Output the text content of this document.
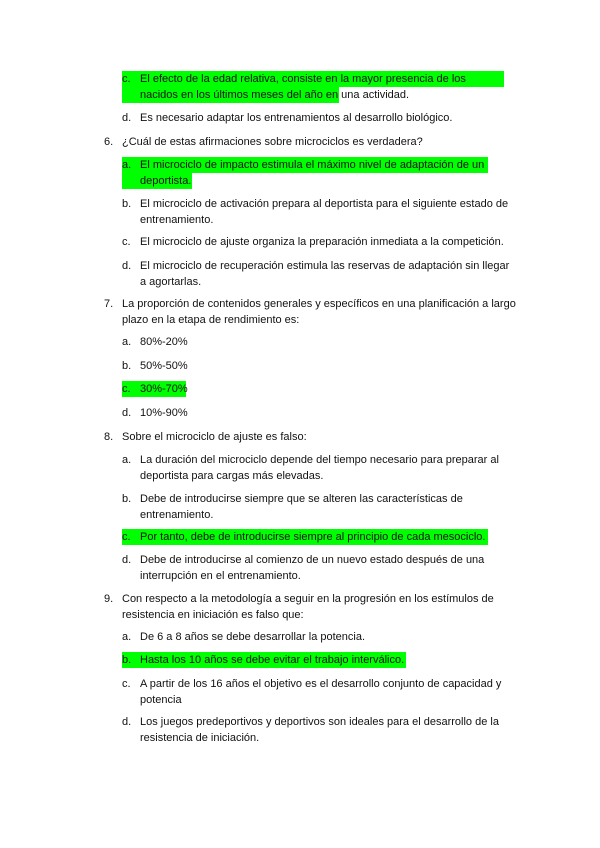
c. El efecto de la edad relativa, consiste en la mayor presencia de los nacidos en los últimos meses del año en una actividad.
d. Es necesario adaptar los entrenamientos al desarrollo biológico.
6. ¿Cuál de estas afirmaciones sobre microciclos es verdadera?
a. El microciclo de impacto estimula el máximo nivel de adaptación de un deportista.
b. El microciclo de activación prepara al deportista para el siguiente estado de entrenamiento.
c. El microciclo de ajuste organiza la preparación inmediata a la competición.
d. El microciclo de recuperación estimula las reservas de adaptación sin llegar a agortarlas.
7. La proporción de contenidos generales y específicos en una planificación a largo plazo en la etapa de rendimiento es:
a. 80%-20%
b. 50%-50%
c. 30%-70%
d. 10%-90%
8. Sobre el microciclo de ajuste es falso:
a. La duración del microciclo depende del tiempo necesario para preparar al deportista para cargas más elevadas.
b. Debe de introducirse siempre que se alteren las características de entrenamiento.
c. Por tanto, debe de introducirse siempre al principio de cada mesociclo.
d. Debe de introducirse al comienzo de un nuevo estado después de una interrupción en el entrenamiento.
9. Con respecto a la metodología a seguir en la progresión en los estímulos de resistencia en iniciación es falso que:
a. De 6 a 8 años se debe desarrollar la potencia.
b. Hasta los 10 años se debe evitar el trabajo interválico.
c. A partir de los 16 años el objetivo es el desarrollo conjunto de capacidad y potencia
d. Los juegos predeportivos y deportivos son ideales para el desarrollo de la resistencia de iniciación.
